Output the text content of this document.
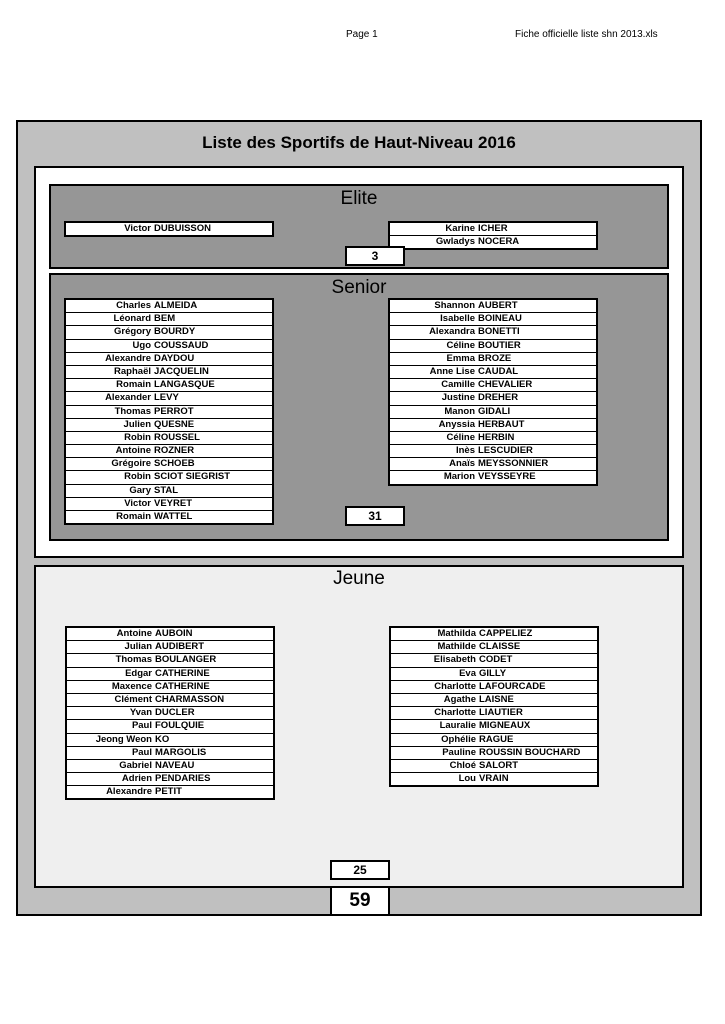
Page 1	Fiche officielle liste shn 2013.xls
Liste des Sportifs de Haut-Niveau 2016
Elite
Victor DUBUISSON	Karine ICHER
Gwladys NOCERA
3
Senior
Charles ALMEIDA
Léonard BEM
Grégory BOURDY
Ugo COUSSAUD
Alexandre DAYDOU
Raphaël JACQUELIN
Romain LANGASQUE
Alexander LEVY
Thomas PERROT
Julien QUESNE
Robin ROUSSEL
Antoine ROZNER
Grégoire SCHOEB
Robin SCIOT SIEGRIST
Gary STAL
Victor VEYRET
Romain WATTEL
Shannon AUBERT
Isabelle BOINEAU
Alexandra BONETTI
Céline BOUTIER
Emma BROZE
Anne Lise CAUDAL
Camille CHEVALIER
Justine DREHER
Manon GIDALI
Anyssia HERBAUT
Céline HERBIN
Inès LESCUDIER
Anaïs MEYSSONNIER
Marion VEYSSEYRE
31
Jeune
Antoine AUBOIN
Julian AUDIBERT
Thomas BOULANGER
Edgar CATHERINE
Maxence CATHERINE
Clément CHARMASSON
Yvan DUCLER
Paul FOULQUIE
Jeong Weon KO
Paul MARGOLIS
Gabriel NAVEAU
Adrien PENDARIES
Alexandre PETIT
Mathilda CAPPELIEZ
Mathilde CLAISSE
Elisabeth CODET
Eva GILLY
Charlotte LAFOURCADE
Agathe LAISNE
Charlotte LIAUTIER
Lauralie MIGNEAUX
Ophélie RAGUE
Pauline ROUSSIN BOUCHARD
Chloé SALORT
Lou VRAIN
25
59
